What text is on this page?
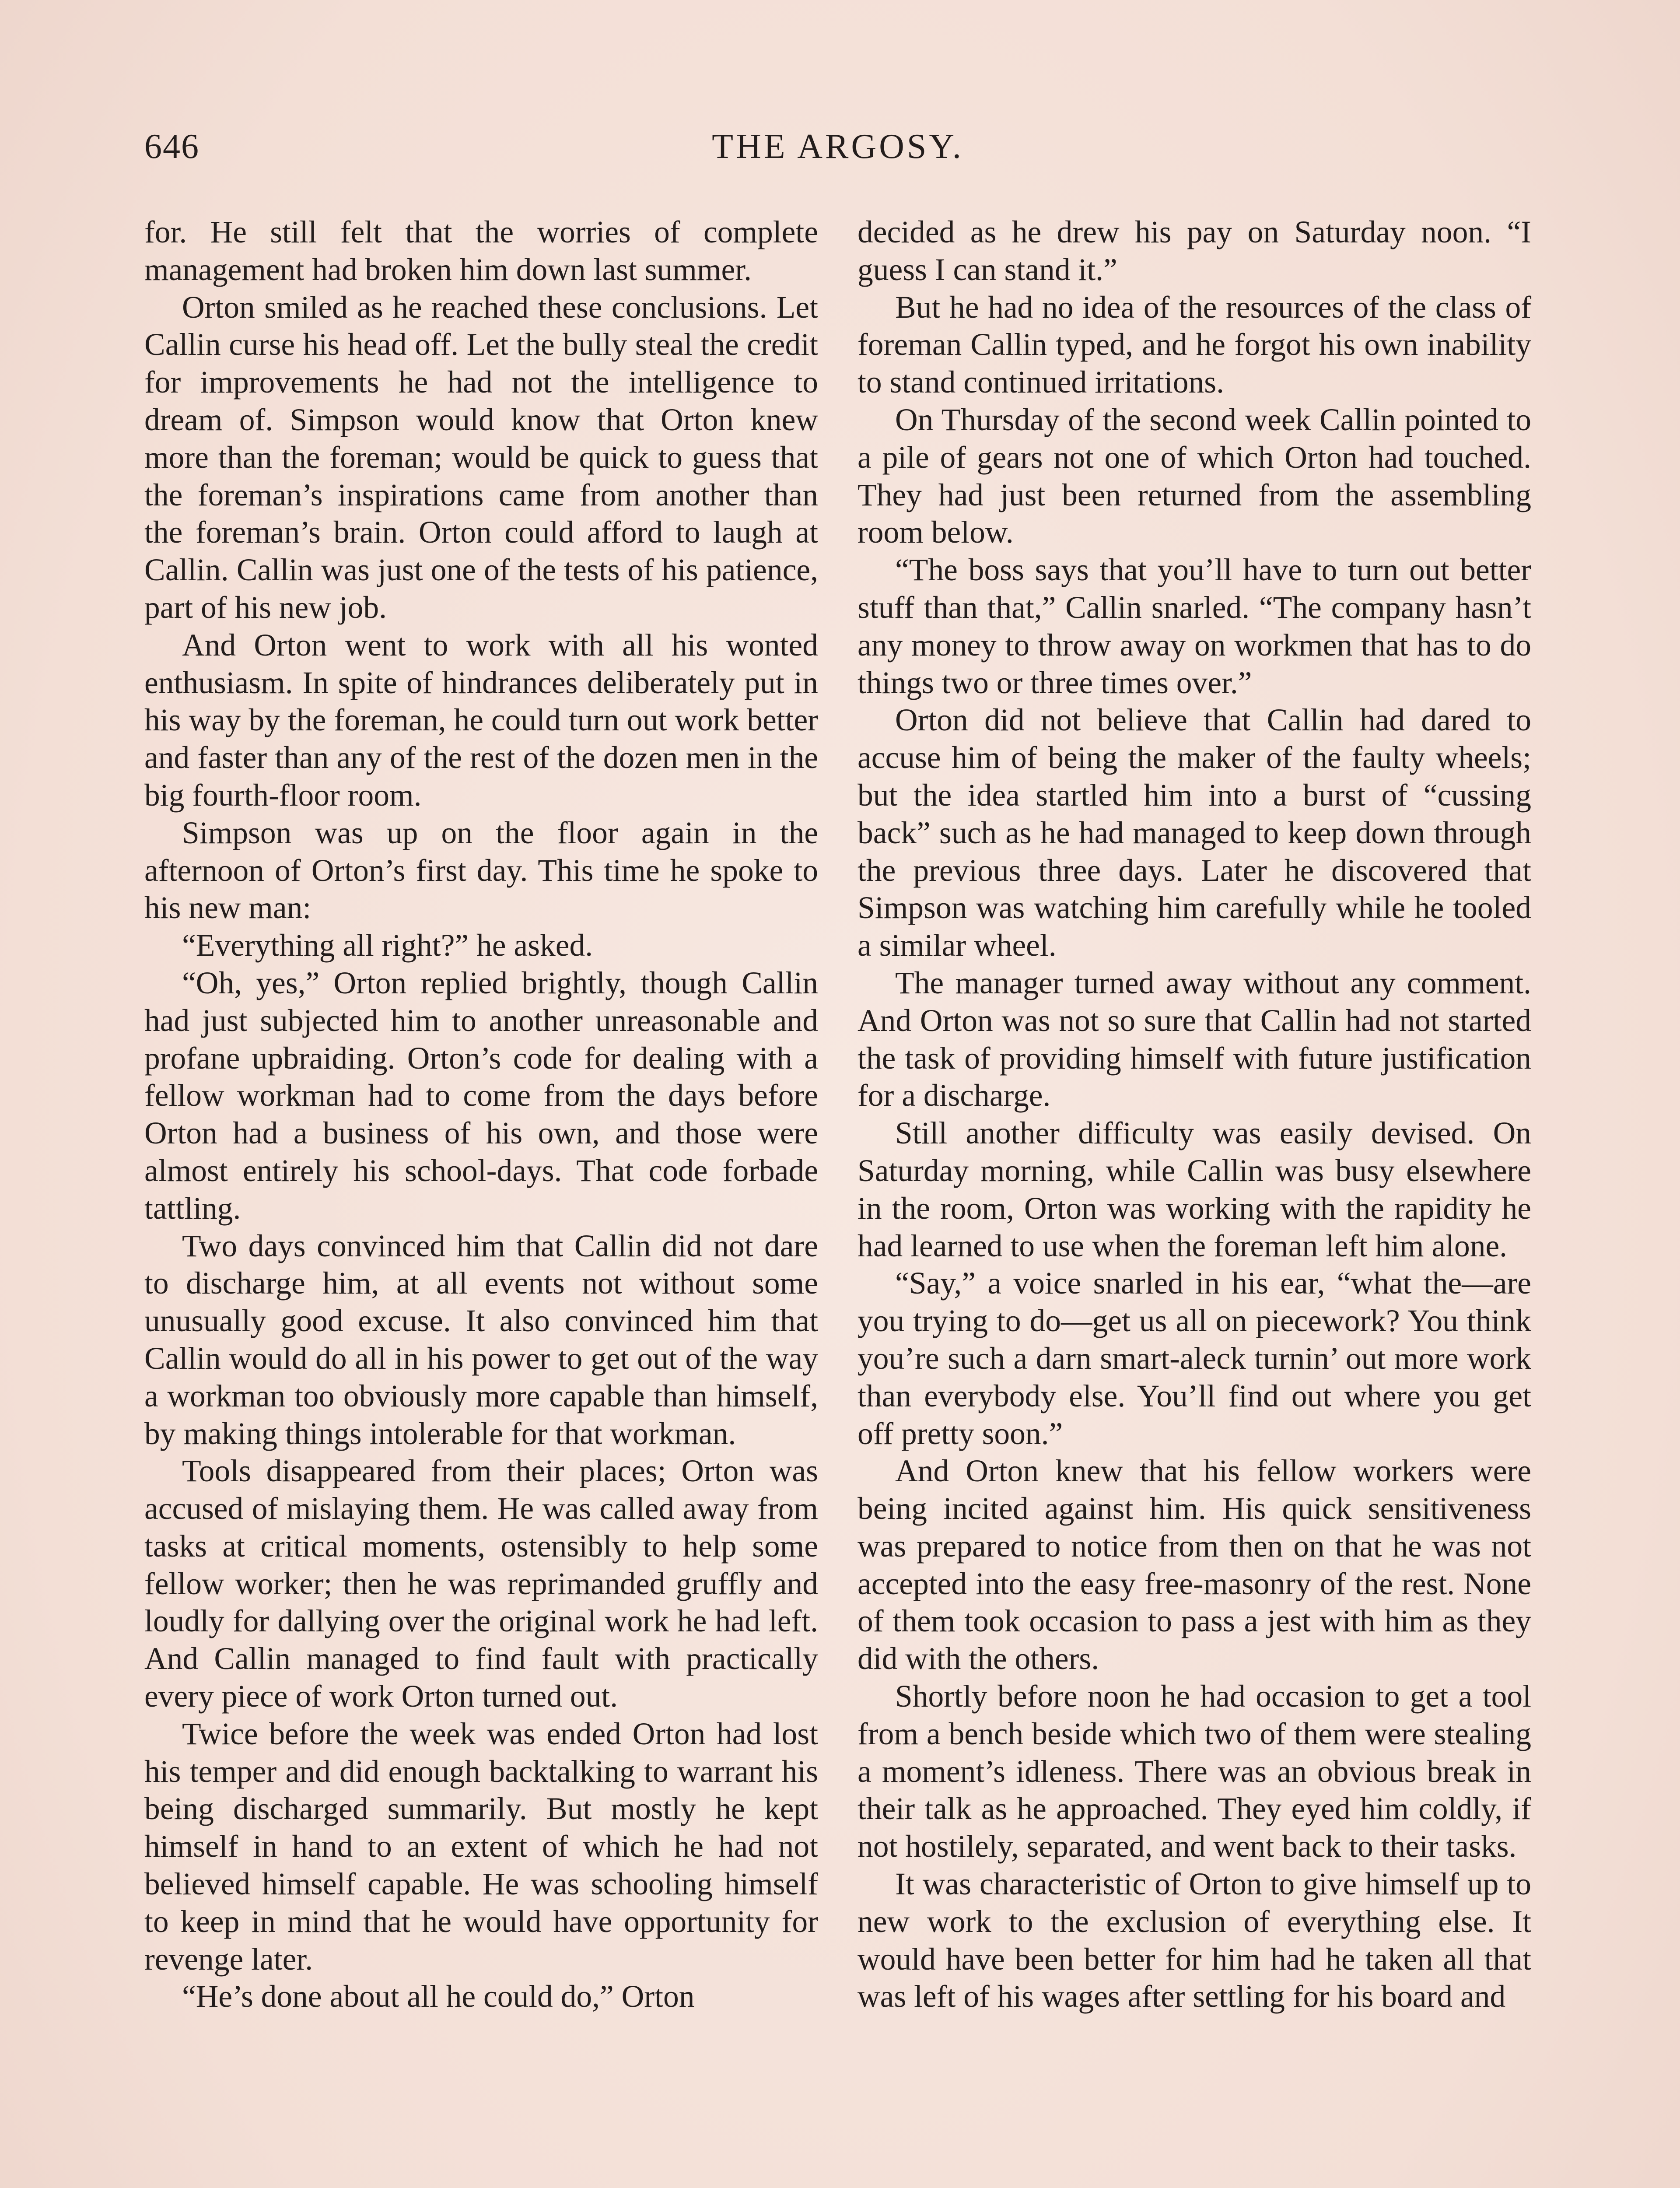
646	THE ARGOSY.

for. He still felt that the worries of complete management had broken him down last summer.

Orton smiled as he reached these conclusions. Let Callin curse his head off. Let the bully steal the credit for improvements he had not the intelligence to dream of. Simpson would know that Orton knew more than the foreman; would be quick to guess that the foreman’s inspirations came from another than the foreman’s brain. Orton could afford to laugh at Callin. Callin was just one of the tests of his patience, part of his new job.

And Orton went to work with all his wonted enthusiasm. In spite of hindrances deliberately put in his way by the foreman, he could turn out work better and faster than any of the rest of the dozen men in the big fourth-floor room.

Simpson was up on the floor again in the afternoon of Orton’s first day. This time he spoke to his new man:

“Everything all right?” he asked.

“Oh, yes,” Orton replied brightly, though Callin had just subjected him to another unreasonable and profane upbraiding. Orton’s code for dealing with a fellow workman had to come from the days before Orton had a business of his own, and those were almost entirely his school-days. That code forbade tattling.

Two days convinced him that Callin did not dare to discharge him, at all events not without some unusually good excuse. It also convinced him that Callin would do all in his power to get out of the way a workman too obviously more capable than himself, by making things intolerable for that workman.

Tools disappeared from their places; Orton was accused of mislaying them. He was called away from tasks at critical moments, ostensibly to help some fellow worker; then he was reprimanded gruffly and loudly for dallying over the original work he had left. And Callin managed to find fault with practically every piece of work Orton turned out.

Twice before the week was ended Orton had lost his temper and did enough backtalking to warrant his being discharged summarily. But mostly he kept himself in hand to an extent of which he had not believed himself capable. He was schooling himself to keep in mind that he would have opportunity for revenge later.

“He’s done about all he could do,” Orton

decided as he drew his pay on Saturday noon. “I guess I can stand it.”

But he had no idea of the resources of the class of foreman Callin typed, and he forgot his own inability to stand continued irritations.

On Thursday of the second week Callin pointed to a pile of gears not one of which Orton had touched. They had just been returned from the assembling room below.

“The boss says that you’ll have to turn out better stuff than that,” Callin snarled. “The company hasn’t any money to throw away on workmen that has to do things two or three times over.”

Orton did not believe that Callin had dared to accuse him of being the maker of the faulty wheels; but the idea startled him into a burst of “cussing back” such as he had managed to keep down through the previous three days. Later he discovered that Simpson was watching him carefully while he tooled a similar wheel.

The manager turned away without any comment. And Orton was not so sure that Callin had not started the task of providing himself with future justification for a discharge.

Still another difficulty was easily devised. On Saturday morning, while Callin was busy elsewhere in the room, Orton was working with the rapidity he had learned to use when the foreman left him alone.

“Say,” a voice snarled in his ear, “what the—are you trying to do—get us all on piecework? You think you’re such a darn smart-aleck turnin’ out more work than everybody else. You’ll find out where you get off pretty soon.”

And Orton knew that his fellow workers were being incited against him. His quick sensitiveness was prepared to notice from then on that he was not accepted into the easy free-masonry of the rest. None of them took occasion to pass a jest with him as they did with the others.

Shortly before noon he had occasion to get a tool from a bench beside which two of them were stealing a moment’s idleness. There was an obvious break in their talk as he approached. They eyed him coldly, if not hostilely, separated, and went back to their tasks.

It was characteristic of Orton to give himself up to new work to the exclusion of everything else. It would have been better for him had he taken all that was left of his wages after settling for his board and
